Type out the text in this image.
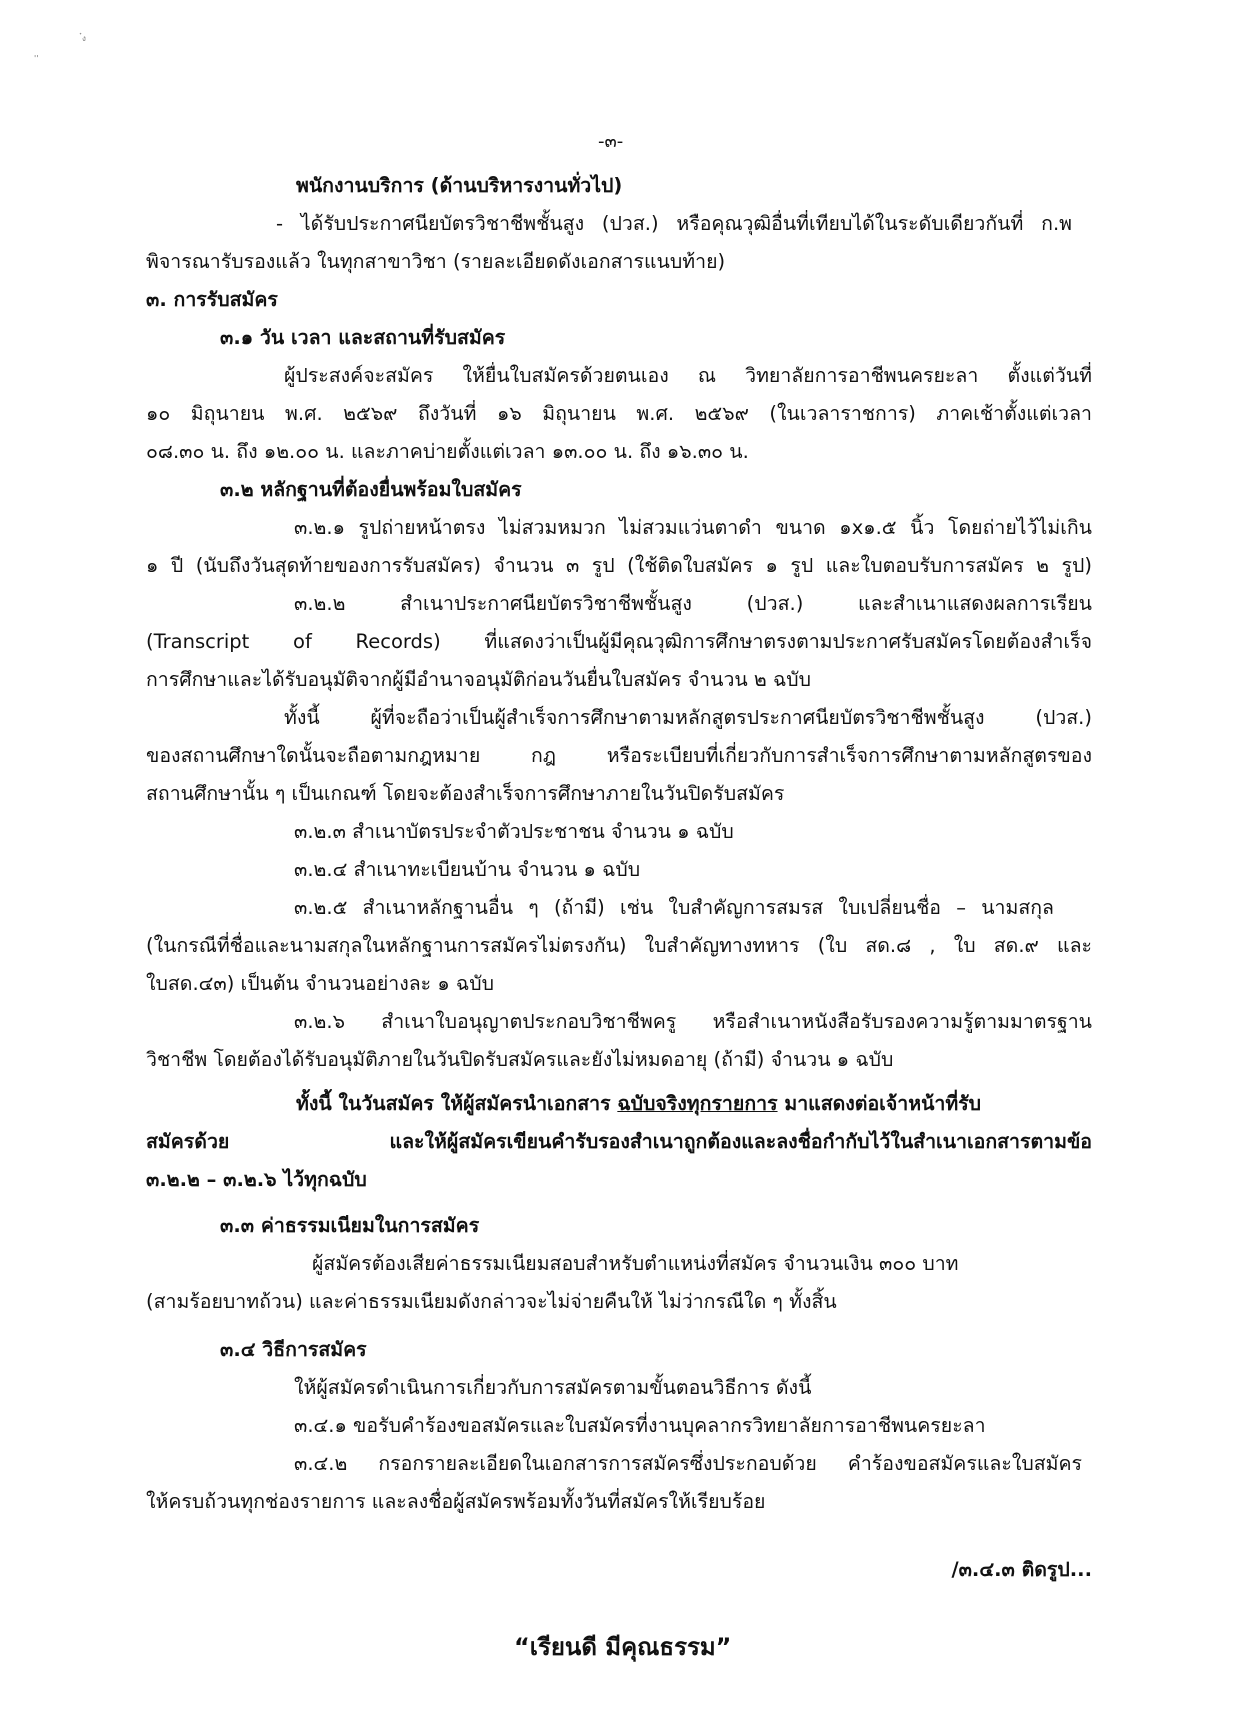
๋ง
''
-๓-
พนักงานบริการ (ด้านบริหารงานทั่วไป)
- ได้รับประกาศนียบัตรวิชาชีพชั้นสูง (ปวส.) หรือคุณวุฒิอื่นที่เทียบได้ในระดับเดียวกันที่ ก.พ
พิจารณารับรองแล้ว ในทุกสาขาวิชา (รายละเอียดดังเอกสารแนบท้าย)
๓. การรับสมัคร
๓.๑ วัน เวลา และสถานที่รับสมัคร
ผู้ประสงค์จะสมัคร ให้ยื่นใบสมัครด้วยตนเอง ณ วิทยาลัยการอาชีพนครยะลา ตั้งแต่วันที่
๑๐ มิถุนายน พ.ศ. ๒๕๖๙ ถึงวันที่ ๑๖ มิถุนายน พ.ศ. ๒๕๖๙ (ในเวลาราชการ) ภาคเช้าตั้งแต่เวลา
๐๘.๓๐ น. ถึง ๑๒.๐๐ น. และภาคบ่ายตั้งแต่เวลา ๑๓.๐๐ น. ถึง ๑๖.๓๐ น.
๓.๒ หลักฐานที่ต้องยื่นพร้อมใบสมัคร
๓.๒.๑ รูปถ่ายหน้าตรง ไม่สวมหมวก ไม่สวมแว่นตาดำ ขนาด ๑x๑.๕ นิ้ว โดยถ่ายไว้ไม่เกิน
๑ ปี (นับถึงวันสุดท้ายของการรับสมัคร) จำนวน ๓ รูป (ใช้ติดใบสมัคร ๑ รูป และใบตอบรับการสมัคร ๒ รูป)
๓.๒.๒ สำเนาประกาศนียบัตรวิชาชีพชั้นสูง (ปวส.) และสำเนาแสดงผลการเรียน
(Transcript of Records) ที่แสดงว่าเป็นผู้มีคุณวุฒิการศึกษาตรงตามประกาศรับสมัครโดยต้องสำเร็จ
การศึกษาและได้รับอนุมัติจากผู้มีอำนาจอนุมัติก่อนวันยื่นใบสมัคร จำนวน ๒ ฉบับ
ทั้งนี้ ผู้ที่จะถือว่าเป็นผู้สำเร็จการศึกษาตามหลักสูตรประกาศนียบัตรวิชาชีพชั้นสูง (ปวส.)
ของสถานศึกษาใดนั้นจะถือตามกฎหมาย กฎ หรือระเบียบที่เกี่ยวกับการสำเร็จการศึกษาตามหลักสูตรของ
สถานศึกษานั้น ๆ เป็นเกณฑ์ โดยจะต้องสำเร็จการศึกษาภายในวันปิดรับสมัคร
๓.๒.๓ สำเนาบัตรประจำตัวประชาชน จำนวน ๑ ฉบับ
๓.๒.๔ สำเนาทะเบียนบ้าน จำนวน ๑ ฉบับ
๓.๒.๕ สำเนาหลักฐานอื่น ๆ (ถ้ามี) เช่น ใบสำคัญการสมรส ใบเปลี่ยนชื่อ – นามสกุล
(ในกรณีที่ชื่อและนามสกุลในหลักฐานการสมัครไม่ตรงกัน) ใบสำคัญทางทหาร (ใบ สด.๘ , ใบ สด.๙ และ
ใบสด.๔๓) เป็นต้น จำนวนอย่างละ ๑ ฉบับ
๓.๒.๖ สำเนาใบอนุญาตประกอบวิชาชีพครู หรือสำเนาหนังสือรับรองความรู้ตามมาตรฐาน
วิชาชีพ โดยต้องได้รับอนุมัติภายในวันปิดรับสมัครและยังไม่หมดอายุ (ถ้ามี) จำนวน ๑ ฉบับ
ทั้งนี้ ในวันสมัคร ให้ผู้สมัครนำเอกสาร ฉบับจริงทุกรายการ มาแสดงต่อเจ้าหน้าที่รับ
สมัครด้วย และให้ผู้สมัครเขียนคำรับรองสำเนาถูกต้องและลงชื่อกำกับไว้ในสำเนาเอกสารตามข้อ
๓.๒.๒ – ๓.๒.๖ ไว้ทุกฉบับ
๓.๓ ค่าธรรมเนียมในการสมัคร
ผู้สมัครต้องเสียค่าธรรมเนียมสอบสำหรับตำแหน่งที่สมัคร จำนวนเงิน ๓๐๐ บาท
(สามร้อยบาทถ้วน) และค่าธรรมเนียมดังกล่าวจะไม่จ่ายคืนให้ ไม่ว่ากรณีใด ๆ ทั้งสิ้น
๓.๔ วิธีการสมัคร
ให้ผู้สมัครดำเนินการเกี่ยวกับการสมัครตามขั้นตอนวิธีการ ดังนี้
๓.๔.๑ ขอรับคำร้องขอสมัครและใบสมัครที่งานบุคลากรวิทยาลัยการอาชีพนครยะลา
๓.๔.๒ กรอกรายละเอียดในเอกสารการสมัครซึ่งประกอบด้วย คำร้องขอสมัครและใบสมัคร
ให้ครบถ้วนทุกช่องรายการ และลงชื่อผู้สมัครพร้อมทั้งวันที่สมัครให้เรียบร้อย
/๓.๔.๓ ติดรูป...
“เรียนดี มีคุณธรรม”
